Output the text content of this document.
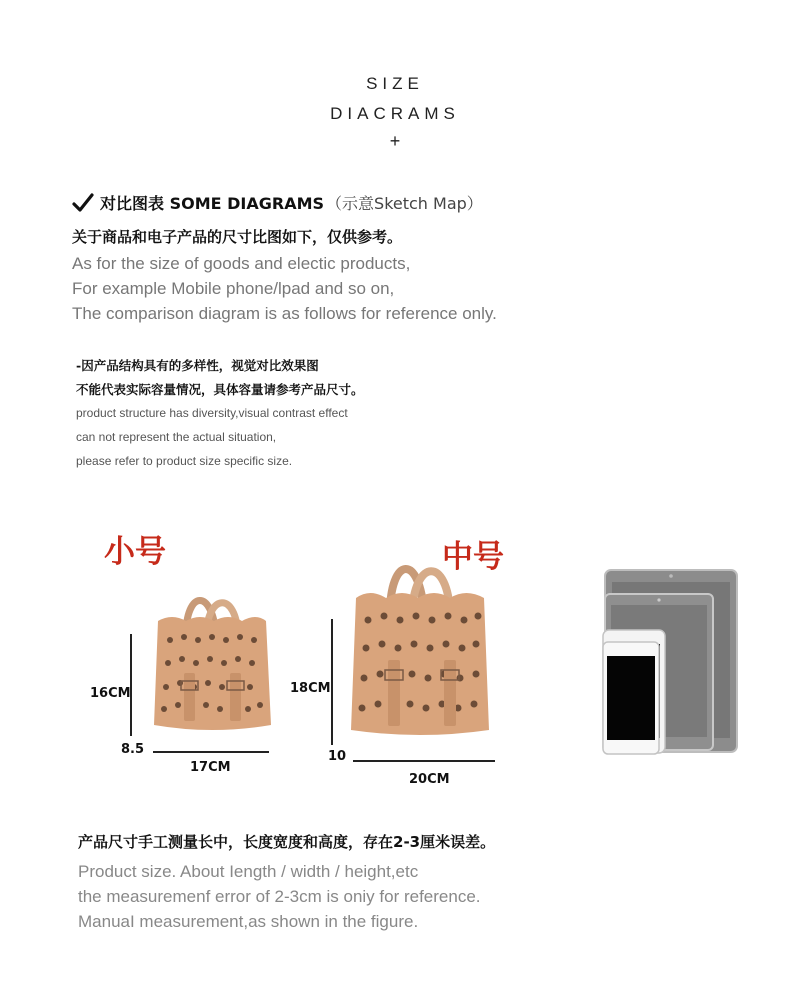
SIZE
DIACRAMS
+
对比图表 SOME DIAGRAMS （示意Sketch Map）
关于商品和电子产品的尺寸比图如下，仅供参考。
As for the size of goods and electic products,
For example Mobile phone/lpad and so on,
The comparison diagram is as follows for reference only.
-因产品结构具有的多样性，视觉对比效果图
不能代表实际容量情况，具体容量请参考产品尺寸。
product structure has diversity,visual contrast effect
can not represent the actual situation,
please refer to product size specific size.
小号	中号
16CM
8.5
17CM
18CM
10
20CM
产品尺寸手工测量长中，长度宽度和高度，存在2-3厘米误差。
Product size. About Iength / width / height,etc
the measuremenf error of 2-3cm is oniy for reference.
ManuaI measurement,as shown in the figure.
